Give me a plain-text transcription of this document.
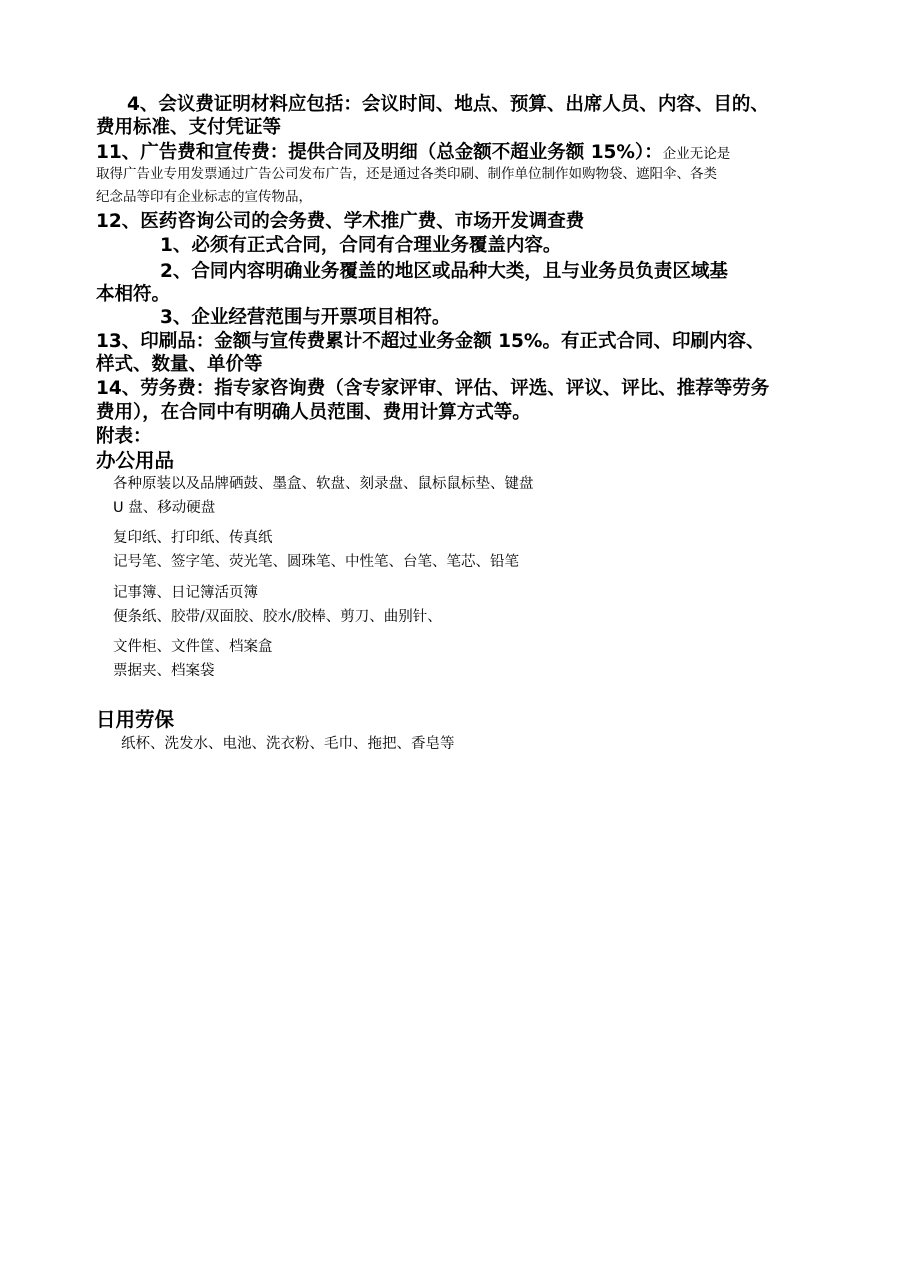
4、会议费证明材料应包括：会议时间、地点、预算、出席人员、内容、目的、
费用标准、支付凭证等
11、广告费和宣传费：提供合同及明细（总金额不超业务额 15%）：企业无论是
取得广告业专用发票通过广告公司发布广告，还是通过各类印刷、制作单位制作如购物袋、遮阳伞、各类
纪念品等印有企业标志的宣传物品，
12、医药咨询公司的会务费、学术推广费、市场开发调查费
1、必须有正式合同，合同有合理业务覆盖内容。
2、合同内容明确业务覆盖的地区或品种大类，且与业务员负责区域基
本相符。
3、企业经营范围与开票项目相符。
13、印刷品：金额与宣传费累计不超过业务金额 15%。有正式合同、印刷内容、
样式、数量、单价等
14、劳务费：指专家咨询费（含专家评审、评估、评选、评议、评比、推荐等劳务
费用），在合同中有明确人员范围、费用计算方式等。
附表：
办公用品
各种原装以及品牌硒鼓、墨盒、软盘、刻录盘、鼠标鼠标垫、键盘
U 盘、移动硬盘
复印纸、打印纸、传真纸
记号笔、签字笔、荧光笔、圆珠笔、中性笔、台笔、笔芯、铅笔
记事簿、日记簿活页簿
便条纸、胶带/双面胶、胶水/胶棒、剪刀、曲别针、
文件柜、文件筐、档案盒
票据夹、档案袋
日用劳保
纸杯、洗发水、电池、洗衣粉、毛巾、拖把、香皂等
